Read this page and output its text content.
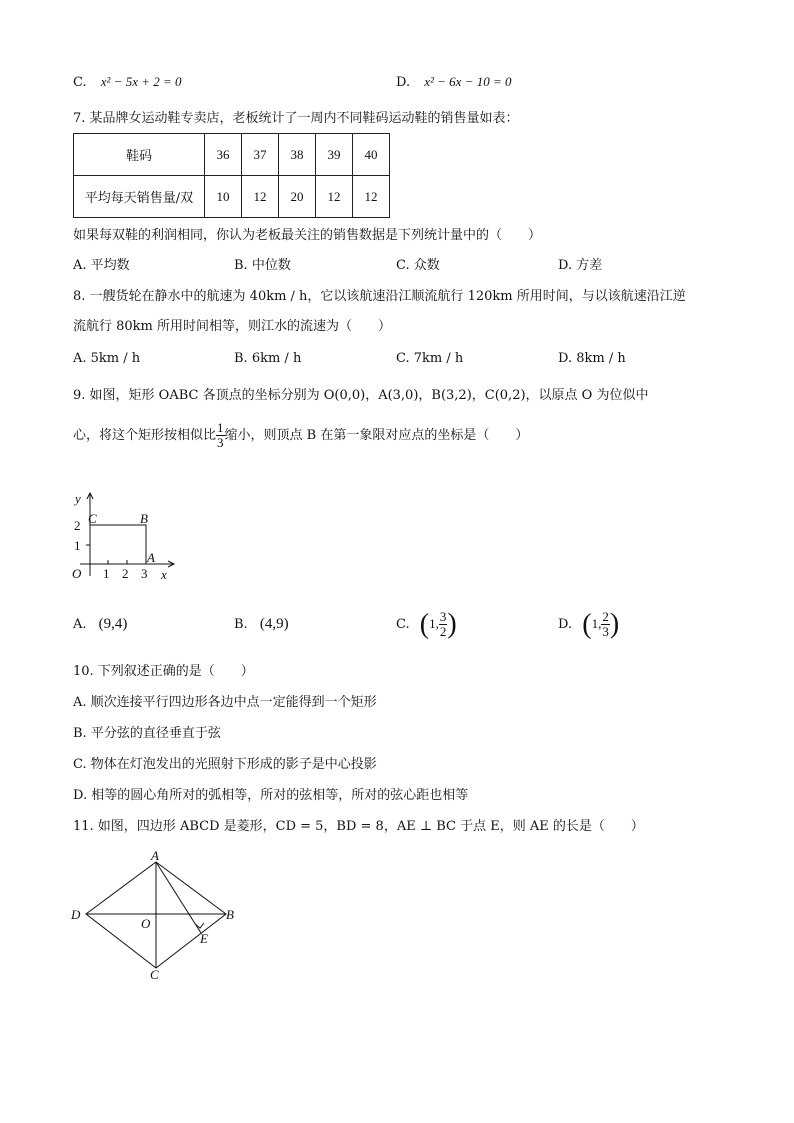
C. x² − 5x + 2 = 0	D. x² − 6x − 10 = 0
7. 某品牌女运动鞋专卖店，老板统计了一周内不同鞋码运动鞋的销售量如表：
鞋码	36	37	38	39	40
平均每天销售量/双	10	12	20	12	12
如果每双鞋的利润相同，你认为老板最关注的销售数据是下列统计量中的（　　）
A. 平均数	B. 中位数	C. 众数	D. 方差
8. 一艘货轮在静水中的航速为 40km / h，它以该航速沿江顺流航行 120km 所用时间，与以该航速沿江逆
流航行 80km 所用时间相等，则江水的流速为（　　）
A. 5km / h	B. 6km / h	C. 7km / h	D. 8km / h
9. 如图，矩形 OABC 各顶点的坐标分别为 O(0,0)，A(3,0)，B(3,2)，C(0,2)，以原点 O 为位似中
心，将这个矩形按相似比 $\frac{1}{3}$ 缩小，则顶点 B 在第一象限对应点的坐标是（　　）
y
x
O 1 2 3
1
2 C	B
A
A. (9,4)	B. (4,9)	C. (1, $\frac{3}{2}$ )	D. (1, $\frac{2}{3}$ )
10. 下列叙述正确的是（　　）
A. 顺次连接平行四边形各边中点一定能得到一个矩形
B. 平分弦的直径垂直于弦
C. 物体在灯泡发出的光照射下形成的影子是中心投影
D. 相等的圆心角所对的弧相等，所对的弦相等，所对的弦心距也相等
11. 如图，四边形 ABCD 是菱形，CD = 5，BD = 8，AE ⊥ BC 于点 E，则 AE 的长是（　　）
A
B
C
D
O
E
